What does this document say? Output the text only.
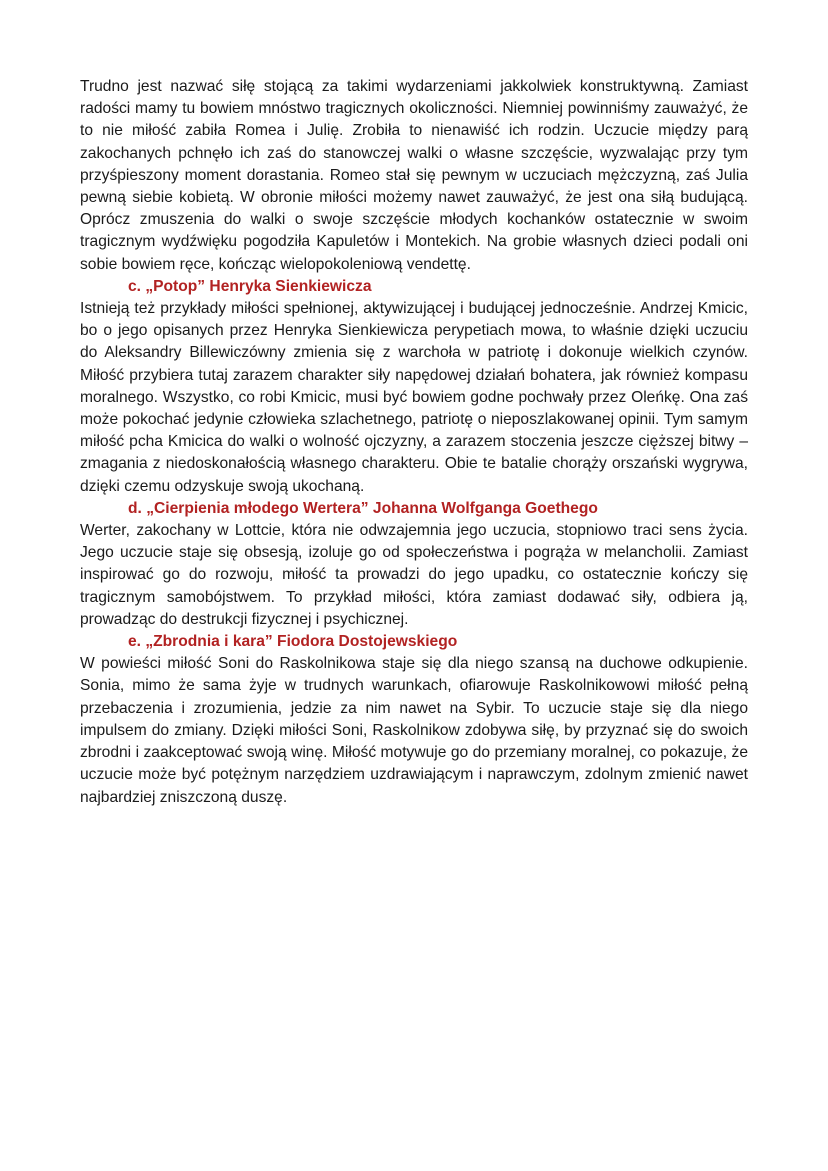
Trudno jest nazwać siłę stojącą za takimi wydarzeniami jakkolwiek konstruktywną. Zamiast radości mamy tu bowiem mnóstwo tragicznych okoliczności. Niemniej powinniśmy zauważyć, że to nie miłość zabiła Romea i Julię. Zrobiła to nienawiść ich rodzin. Uczucie między parą zakochanych pchnęło ich zaś do stanowczej walki o własne szczęście, wyzwalając przy tym przyśpieszony moment dorastania. Romeo stał się pewnym w uczuciach mężczyzną, zaś Julia pewną siebie kobietą. W obronie miłości możemy nawet zauważyć, że jest ona siłą budującą. Oprócz zmuszenia do walki o swoje szczęście młodych kochanków ostatecznie w swoim tragicznym wydźwięku pogodziła Kapuletów i Montekich. Na grobie własnych dzieci podali oni sobie bowiem ręce, kończąc wielopokoleniową vendettę.

c. „Potop” Henryka Sienkiewicza

Istnieją też przykłady miłości spełnionej, aktywizującej i budującej jednocześnie. Andrzej Kmicic, bo o jego opisanych przez Henryka Sienkiewicza perypetiach mowa, to właśnie dzięki uczuciu do Aleksandry Billewiczówny zmienia się z warchoła w patriotę i dokonuje wielkich czynów. Miłość przybiera tutaj zarazem charakter siły napędowej działań bohatera, jak również kompasu moralnego. Wszystko, co robi Kmicic, musi być bowiem godne pochwały przez Oleńkę. Ona zaś może pokochać jedynie człowieka szlachetnego, patriotę o nieposzlakowanej opinii. Tym samym miłość pcha Kmicica do walki o wolność ojczyzny, a zarazem stoczenia jeszcze cięższej bitwy – zmagania z niedoskonałością własnego charakteru. Obie te batalie chorąży orszański wygrywa, dzięki czemu odzyskuje swoją ukochaną.

d. „Cierpienia młodego Wertera” Johanna Wolfganga Goethego

Werter, zakochany w Lottcie, która nie odwzajemnia jego uczucia, stopniowo traci sens życia. Jego uczucie staje się obsesją, izoluje go od społeczeństwa i pogrąża w melancholii. Zamiast inspirować go do rozwoju, miłość ta prowadzi do jego upadku, co ostatecznie kończy się tragicznym samobójstwem. To przykład miłości, która zamiast dodawać siły, odbiera ją, prowadząc do destrukcji fizycznej i psychicznej.

e. „Zbrodnia i kara” Fiodora Dostojewskiego

W powieści miłość Soni do Raskolnikowa staje się dla niego szansą na duchowe odkupienie. Sonia, mimo że sama żyje w trudnych warunkach, ofiarowuje Raskolnikowowi miłość pełną przebaczenia i zrozumienia, jedzie za nim nawet na Sybir. To uczucie staje się dla niego impulsem do zmiany. Dzięki miłości Soni, Raskolnikow zdobywa siłę, by przyznać się do swoich zbrodni i zaakceptować swoją winę. Miłość motywuje go do przemiany moralnej, co pokazuje, że uczucie może być potężnym narzędziem uzdrawiającym i naprawczym, zdolnym zmienić nawet najbardziej zniszczoną duszę.
